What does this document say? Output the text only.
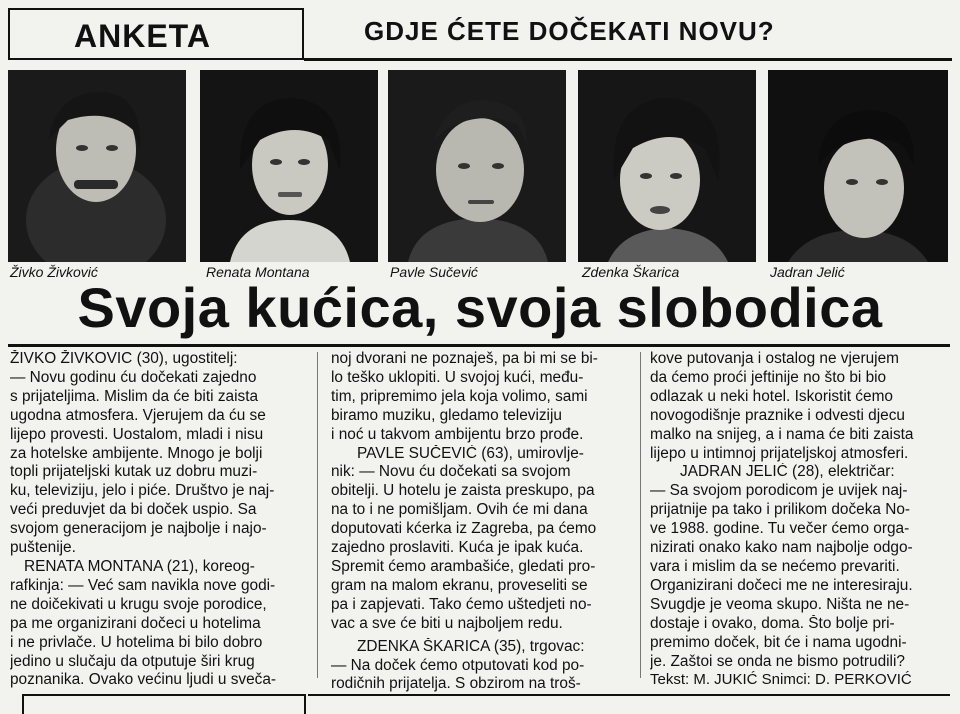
ANKETA	GDJE ĆETE DOČEKATI NOVU?
Živko Živković	Renata Montana	Pavle Sučević	Zdenka Škarica	Jadran Jelić
Svoja kućica, svoja slobodica
ŽIVKO ŽIVKOVIC (30), ugostitelj:
— Novu godinu ću dočekati zajedno
s prijateljima. Mislim da će biti zaista
ugodna atmosfera. Vjerujem da ću se
lijepo provesti. Uostalom, mladi i nisu
za hotelske ambijente. Mnogo je bolji
topli prijateljski kutak uz dobru muzi-
ku, televiziju, jelo i piće. Društvo je naj-
veći preduvjet da bi doček uspio. Sa
svojom generacijom je najbolje i najo-
puštenije.
RENATA MONTANA (21), koreog-
rafkinja: — Već sam navikla nove godi-
ne doičekivati u krugu svoje porodice,
pa me organizirani dočeci u hotelima
i ne privlače. U hotelima bi bilo dobro
jedino u slučaju da otputuje širi krug
poznanika. Ovako većinu ljudi u sveča-
noj dvorani ne poznaješ, pa bi mi se bi-
lo teško uklopiti. U svojoj kući, među-
tim, pripremimo jela koja volimo, sami
biramo muziku, gledamo televiziju
i noć u takvom ambijentu brzo prođe.
PAVLE SUČEVIĆ (63), umirovlje-
nik: — Novu ću dočekati sa svojom
obitelji. U hotelu je zaista preskupo, pa
na to i ne pomišljam. Ovih će mi dana
doputovati kćerka iz Zagreba, pa ćemo
zajedno proslaviti. Kuća je ipak kuća.
Spremit ćemo arambašiće, gledati pro-
gram na malom ekranu, proveseliti se
pa i zapjevati. Tako ćemo uštedjeti no-
vac a sve će biti u najboljem redu.
ZDENKA ŠKARICA (35), trgovac:
— Na doček ćemo otputovati kod po-
rodičnih prijatelja. S obzirom na troš-
kove putovanja i ostalog ne vjerujem
da ćemo proći jeftinije no što bi bio
odlazak u neki hotel. Iskoristit ćemo
novogodišnje praznike i odvesti djecu
malko na snijeg, a i nama će biti zaista
lijepo u intimnoj prijateljskoj atmosferi.
JADRAN JELIĆ (28), električar:
— Sa svojom porodicom je uvijek naj-
prijatnije pa tako i prilikom dočeka No-
ve 1988. godine. Tu večer ćemo orga-
nizirati onako kako nam najbolje odgo-
vara i mislim da se nećemo prevariti.
Organizirani dočeci me ne interesiraju.
Svugdje je veoma skupo. Ništa ne ne-
dostaje i ovako, doma. Što bolje pri-
premimo doček, bit će i nama ugodni-
je. Zaštoi se onda ne bismo potrudili?
Tekst: M. JUKIĆ Snimci: D. PERKOVIĆ
